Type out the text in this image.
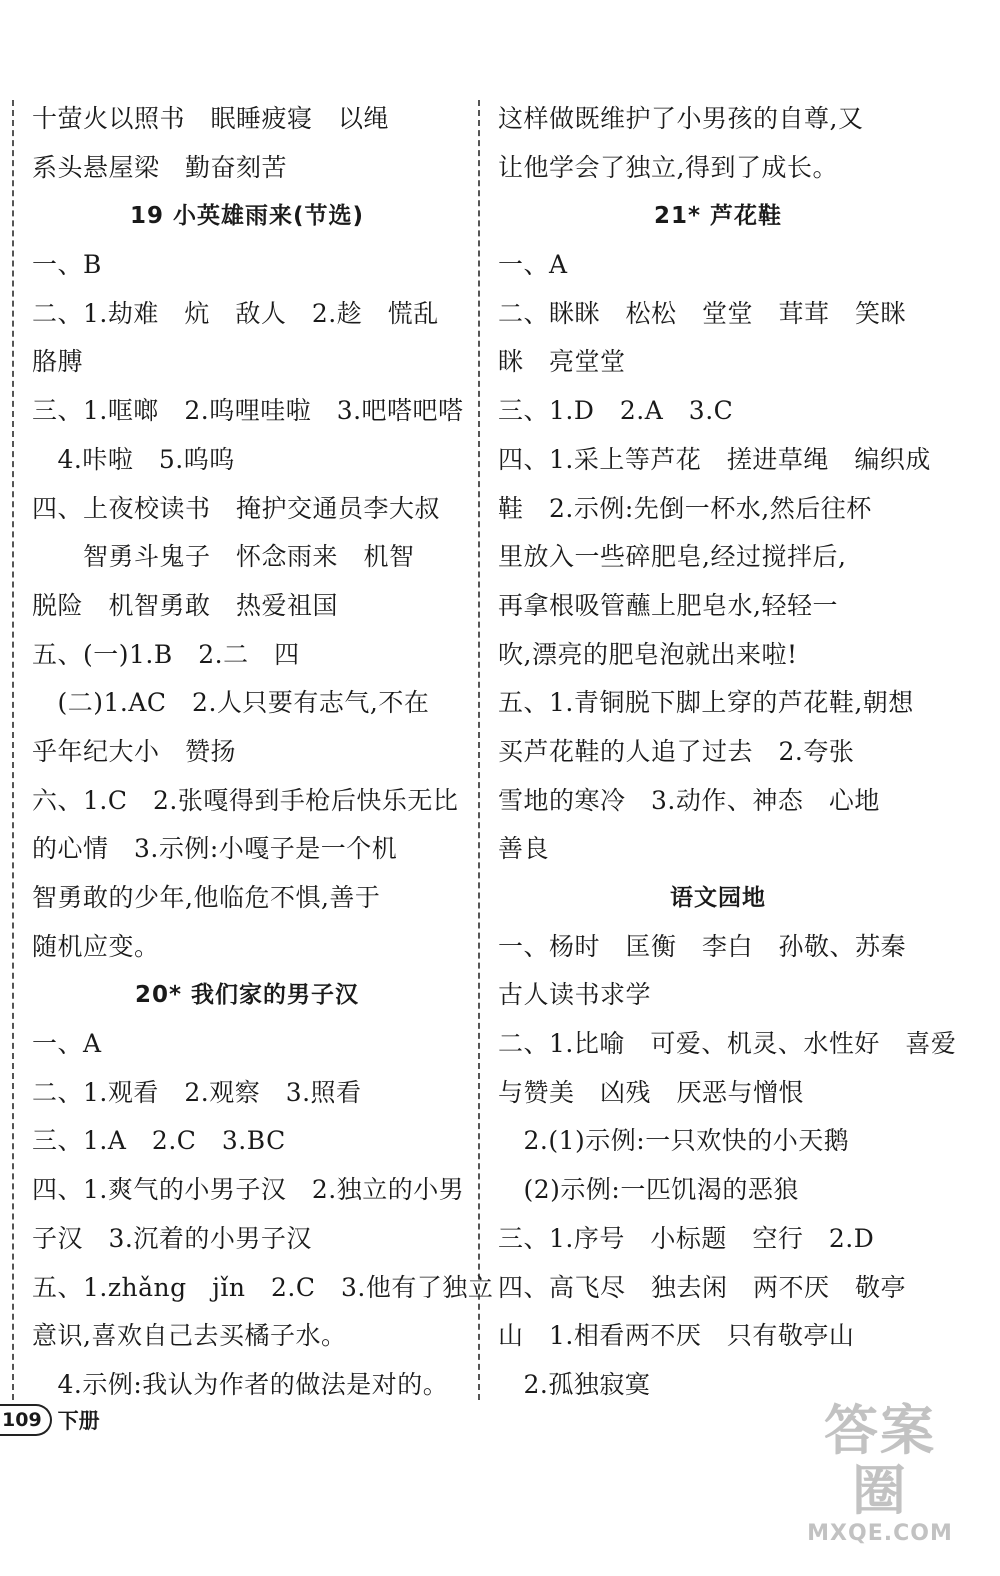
十萤火以照书　眠睡疲寝　以绳
系头悬屋梁　勤奋刻苦
19 小英雄雨来(节选)
一、B
二、1.劫难　炕　敌人　2.趁　慌乱
胳膊
三、1.哐啷　2.呜哩哇啦　3.吧嗒吧嗒
　4.咔啦　5.呜呜
四、上夜校读书　掩护交通员李大叔
　　智勇斗鬼子　怀念雨来　机智
脱险　机智勇敢　热爱祖国
五、(一)1.B　2.二　四
　(二)1.AC　2.人只要有志气,不在
乎年纪大小　赞扬
六、1.C　2.张嘎得到手枪后快乐无比
的心情　3.示例:小嘎子是一个机
智勇敢的少年,他临危不惧,善于
随机应变。
20* 我们家的男子汉
一、A
二、1.观看　2.观察　3.照看
三、1.A　2.C　3.BC
四、1.爽气的小男子汉　2.独立的小男
子汉　3.沉着的小男子汉
五、1.zhǎng　jǐn　2.C　3.他有了独立
意识,喜欢自己去买橘子水。
　4.示例:我认为作者的做法是对的。
这样做既维护了小男孩的自尊,又
让他学会了独立,得到了成长。
21* 芦花鞋
一、A
二、眯眯　松松　堂堂　茸茸　笑眯
眯　亮堂堂
三、1.D　2.A　3.C
四、1.采上等芦花　搓进草绳　编织成
鞋　2.示例:先倒一杯水,然后往杯
里放入一些碎肥皂,经过搅拌后,
再拿根吸管蘸上肥皂水,轻轻一
吹,漂亮的肥皂泡就出来啦!
五、1.青铜脱下脚上穿的芦花鞋,朝想
买芦花鞋的人追了过去　2.夸张
雪地的寒冷　3.动作、神态　心地
善良
语文园地
一、杨时　匡衡　李白　孙敬、苏秦
古人读书求学
二、1.比喻　可爱、机灵、水性好　喜爱
与赞美　凶残　厌恶与憎恨
　2.(1)示例:一只欢快的小天鹅
　(2)示例:一匹饥渴的恶狼
三、1.序号　小标题　空行　2.D
四、高飞尽　独去闲　两不厌　敬亭
山　1.相看两不厌　只有敬亭山
　2.孤独寂寞
109 下册	答案圈
MXQE.COM
